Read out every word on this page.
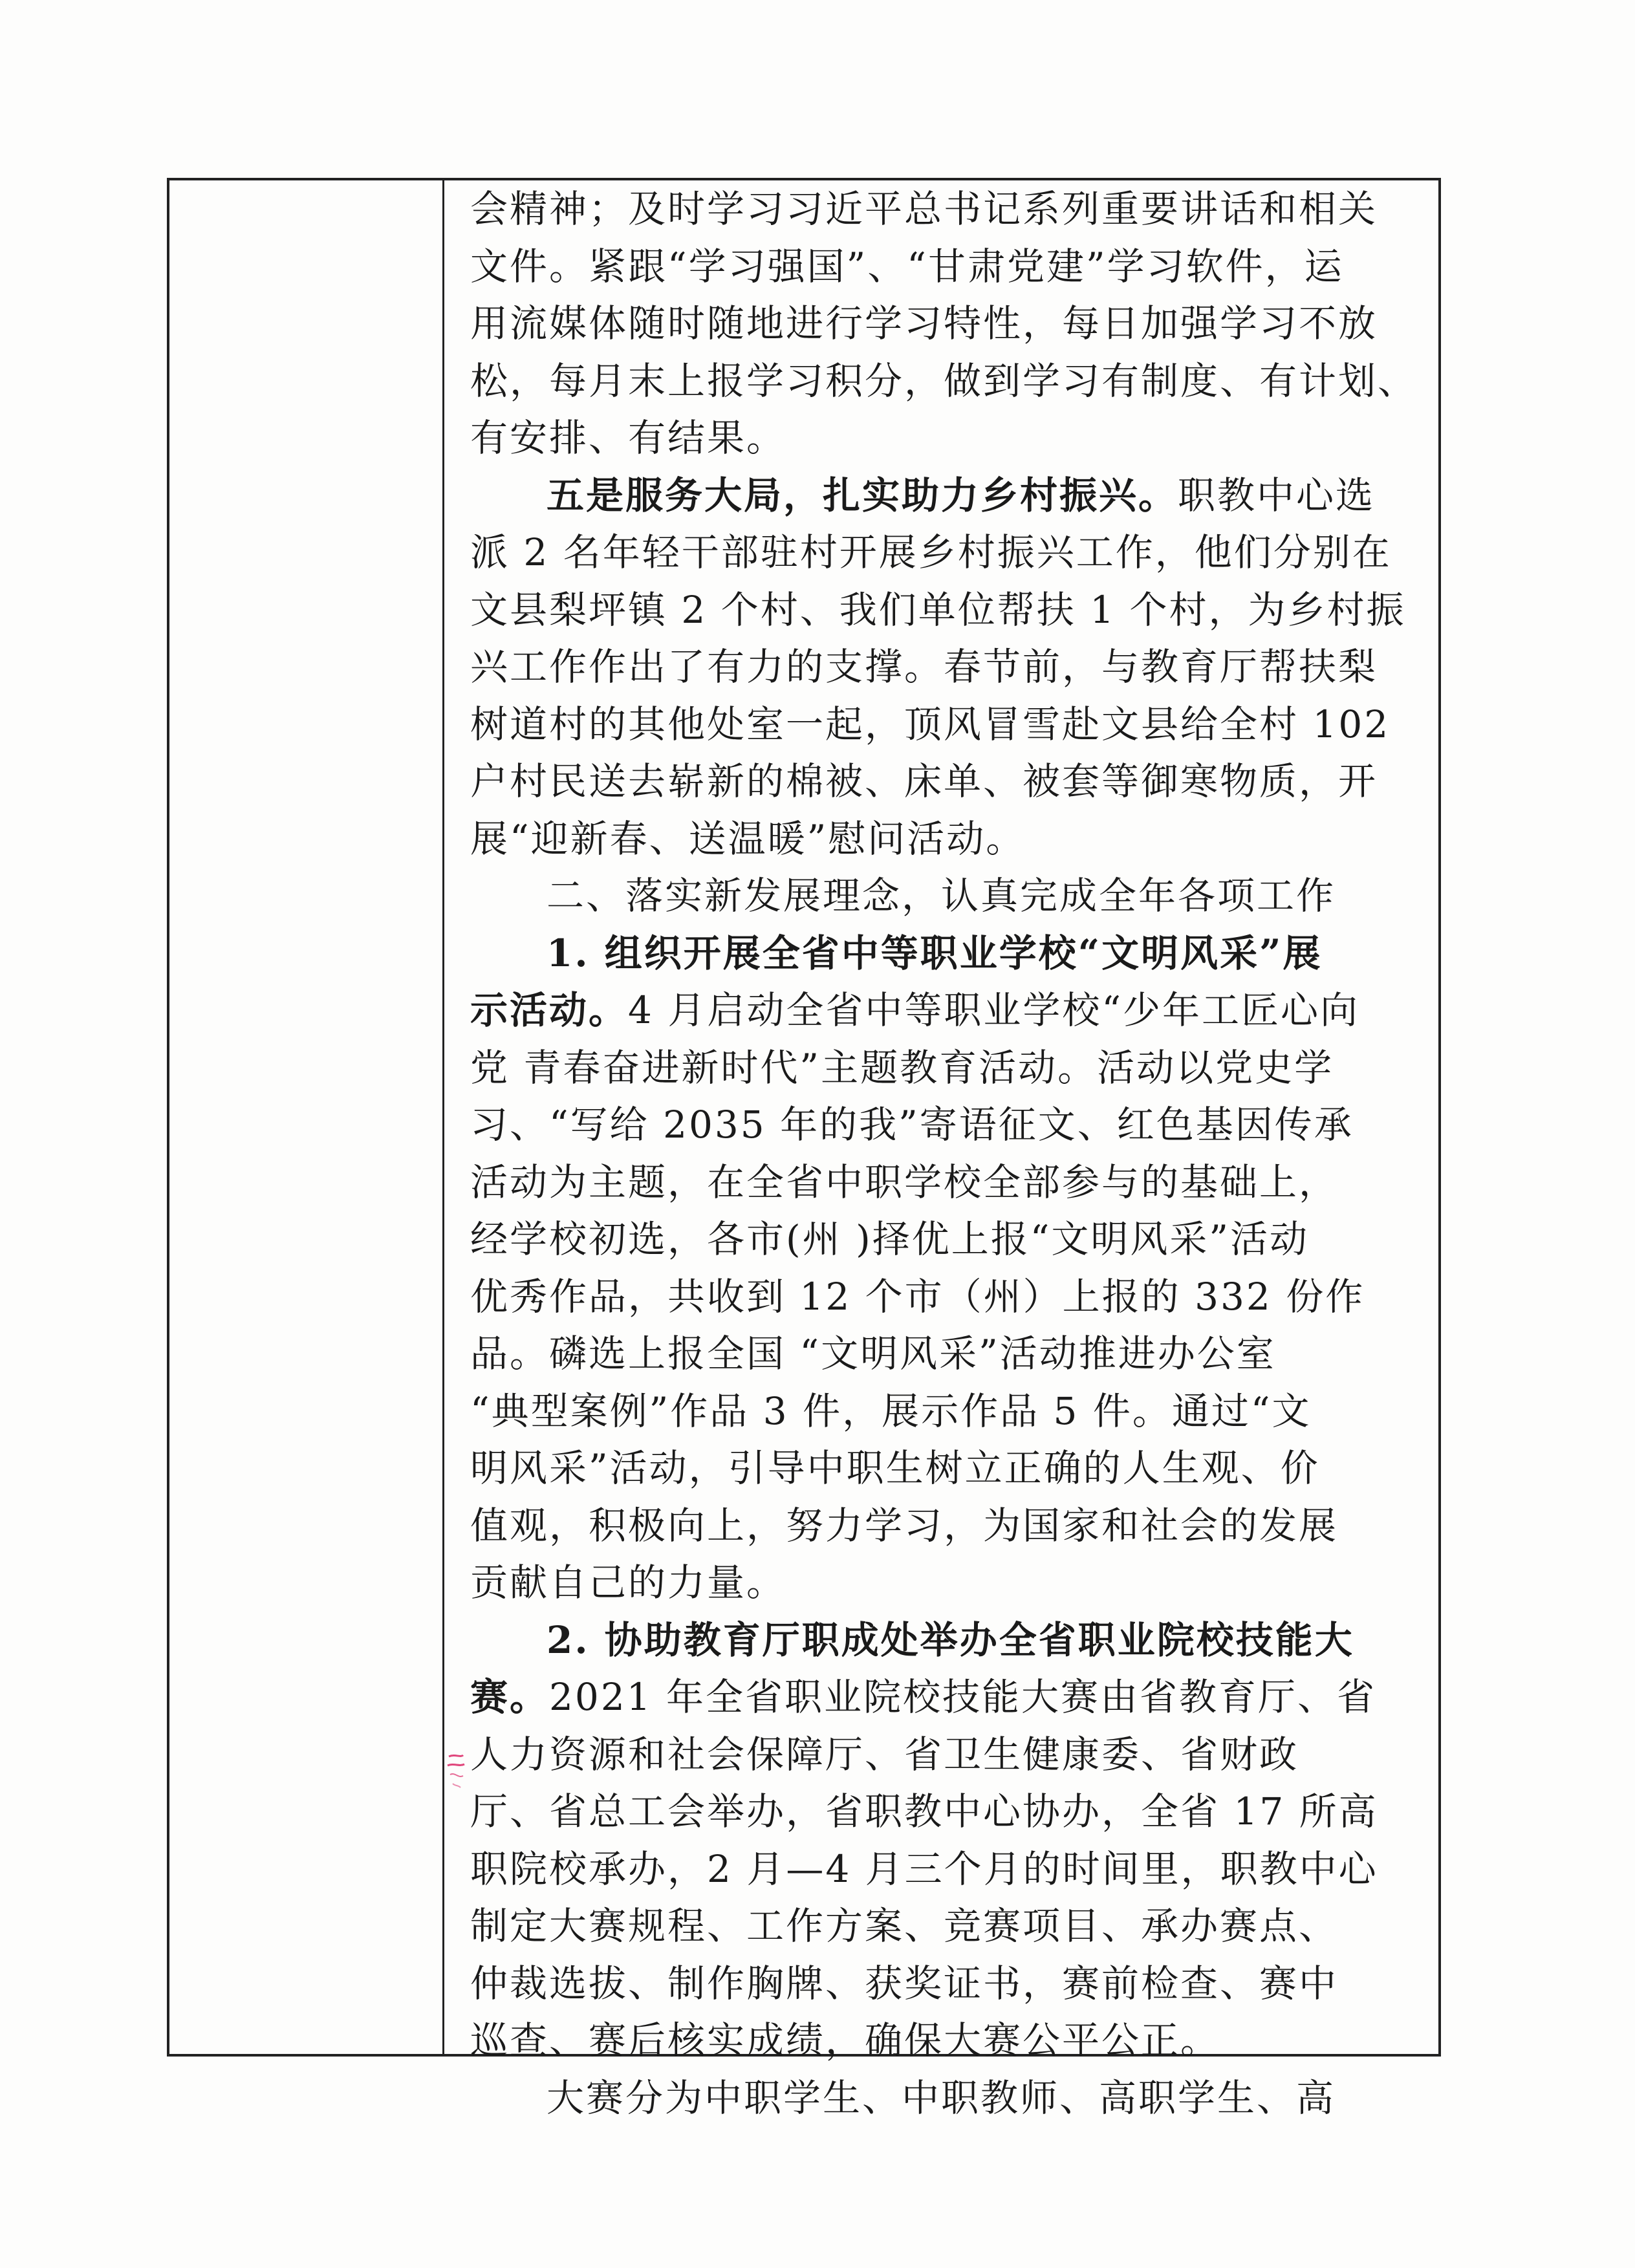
会精神；及时学习习近平总书记系列重要讲话和相关
文件。紧跟“学习强国”、“甘肃党建”学习软件，运
用流媒体随时随地进行学习特性，每日加强学习不放
松，每月末上报学习积分，做到学习有制度、有计划、
有安排、有结果。
五是服务大局，扎实助力乡村振兴。职教中心选
派 2 名年轻干部驻村开展乡村振兴工作，他们分别在
文县梨坪镇 2 个村、我们单位帮扶 1 个村，为乡村振
兴工作作出了有力的支撑。春节前，与教育厅帮扶梨
树道村的其他处室一起，顶风冒雪赴文县给全村 102
户村民送去崭新的棉被、床单、被套等御寒物质，开
展“迎新春、送温暖”慰问活动。
二、落实新发展理念，认真完成全年各项工作
1. 组织开展全省中等职业学校“文明风采”展
示活动。4 月启动全省中等职业学校“少年工匠心向
党 青春奋进新时代”主题教育活动。活动以党史学
习、“写给 2035 年的我”寄语征文、红色基因传承
活动为主题，在全省中职学校全部参与的基础上，
经学校初选，各市(州 )择优上报“文明风采”活动
优秀作品，共收到 12 个市（州）上报的 332 份作
品。磷选上报全国 “文明风采”活动推进办公室
“典型案例”作品 3 件，展示作品 5 件。通过“文
明风采”活动，引导中职生树立正确的人生观、价
值观，积极向上，努力学习，为国家和社会的发展
贡献自己的力量。
2. 协助教育厅职成处举办全省职业院校技能大
赛。2021 年全省职业院校技能大赛由省教育厅、省
人力资源和社会保障厅、省卫生健康委、省财政
厅、省总工会举办，省职教中心协办，全省 17 所高
职院校承办，2 月—4 月三个月的时间里，职教中心
制定大赛规程、工作方案、竞赛项目、承办赛点、
仲裁选拔、制作胸牌、获奖证书，赛前检查、赛中
巡查、赛后核实成绩，确保大赛公平公正。
大赛分为中职学生、中职教师、高职学生、高
